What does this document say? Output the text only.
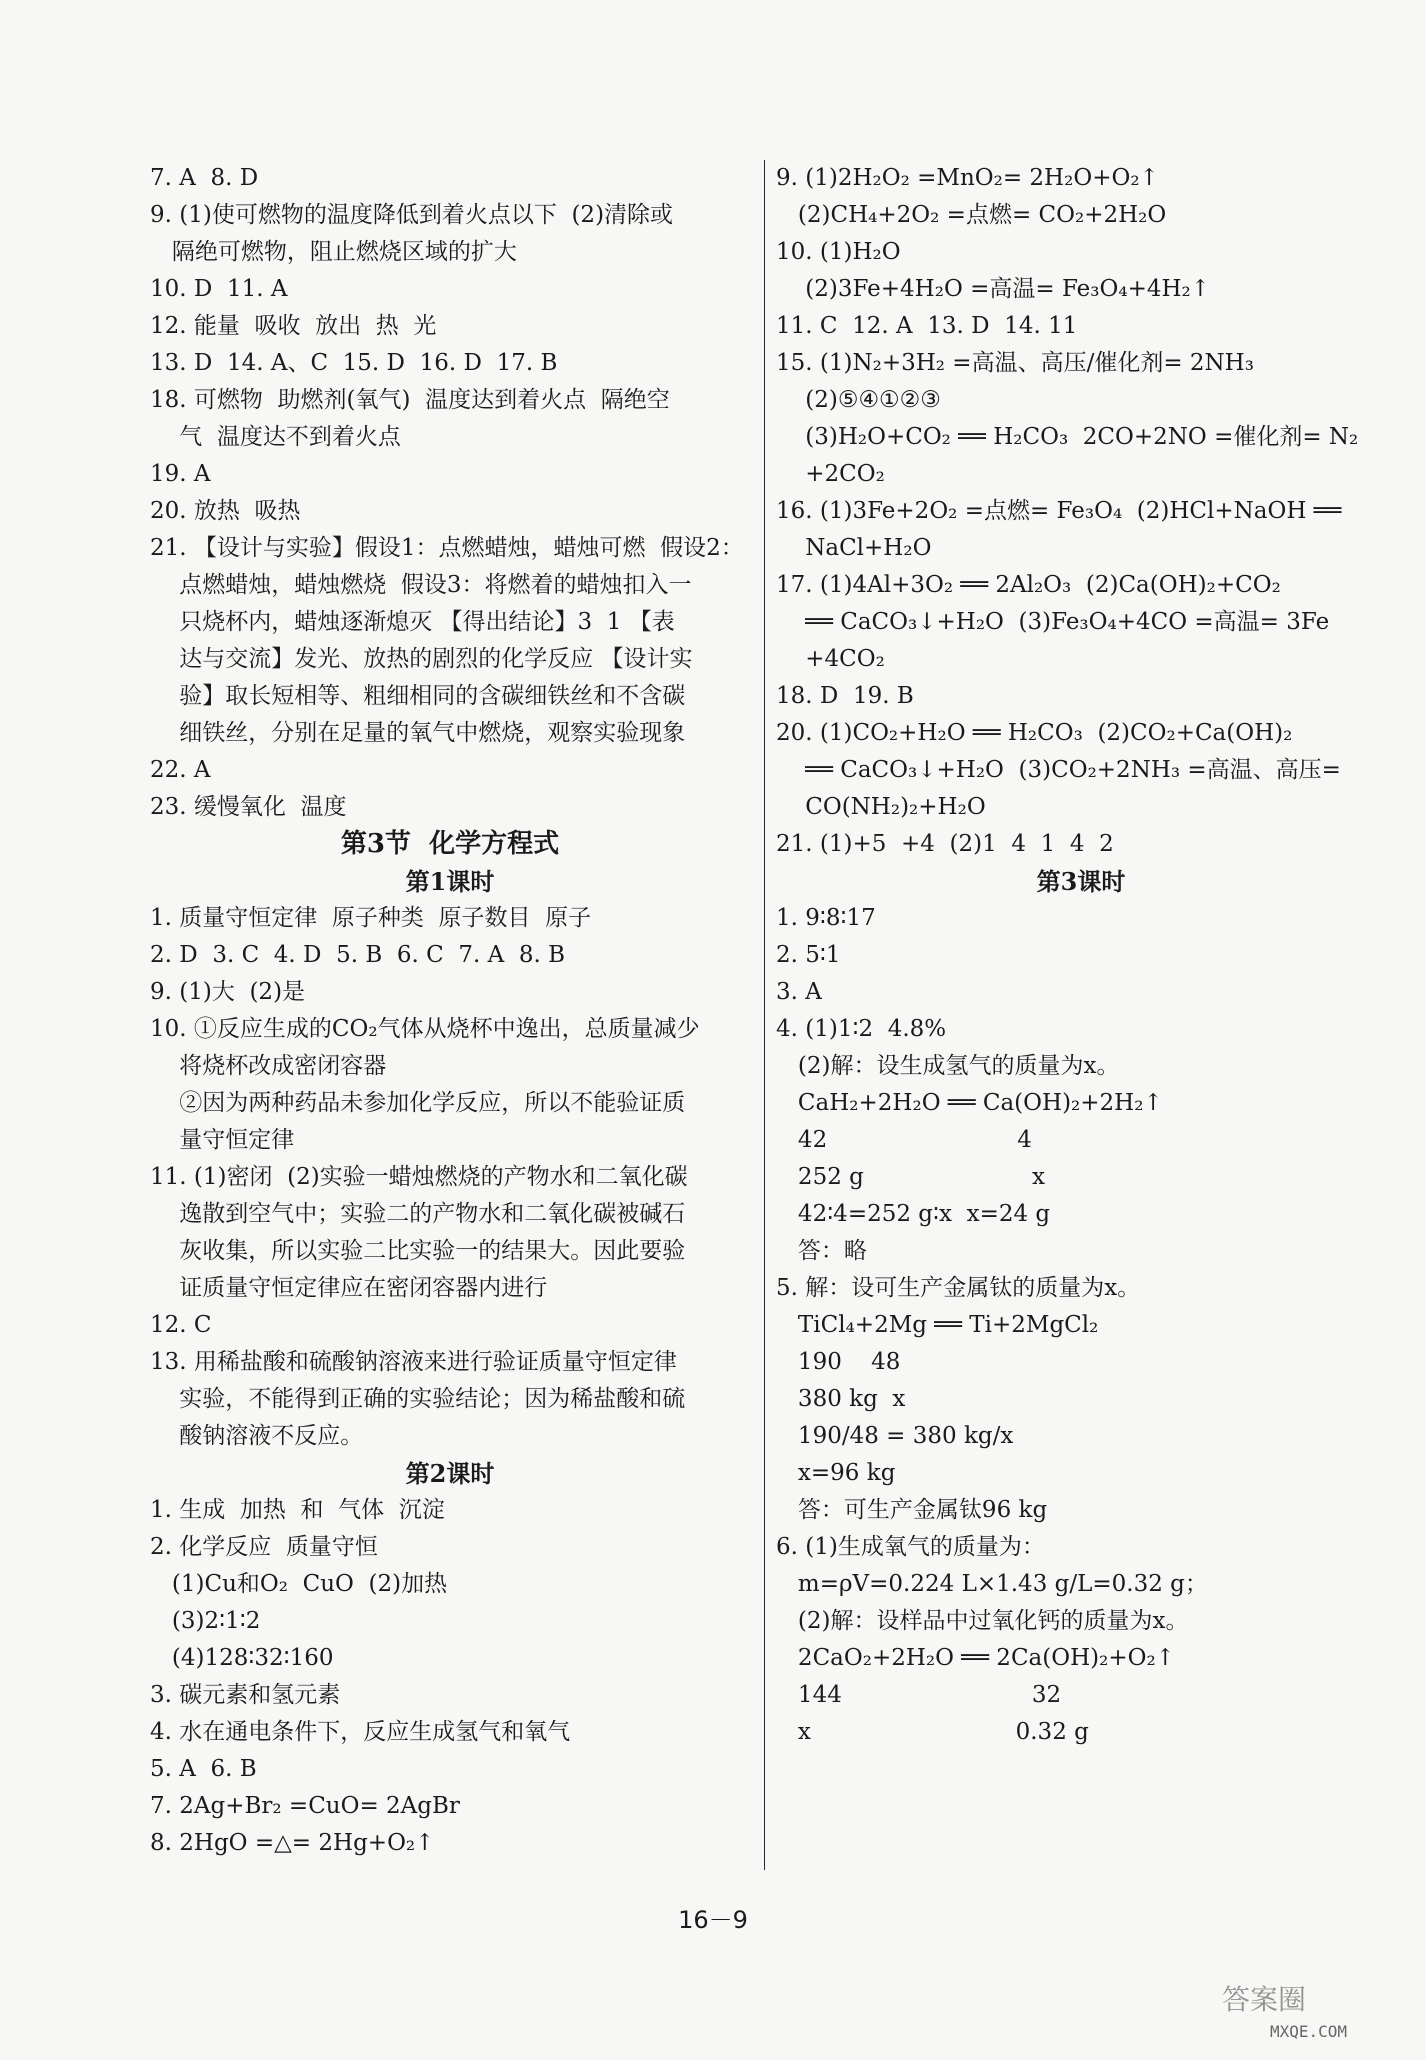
7. A  8. D
9. (1)使可燃物的温度降低到着火点以下  (2)清除或
隔绝可燃物，阻止燃烧区域的扩大
10. D  11. A
12. 能量  吸收  放出  热  光
13. D  14. A、C  15. D  16. D  17. B
18. 可燃物  助燃剂(氧气)  温度达到着火点  隔绝空
气  温度达不到着火点
19. A
20. 放热  吸热
21. 【设计与实验】假设1：点燃蜡烛，蜡烛可燃  假设2：
点燃蜡烛，蜡烛燃烧  假设3：将燃着的蜡烛扣入一
只烧杯内，蜡烛逐渐熄灭 【得出结论】3  1 【表
达与交流】发光、放热的剧烈的化学反应 【设计实
验】取长短相等、粗细相同的含碳细铁丝和不含碳
细铁丝，分别在足量的氧气中燃烧，观察实验现象
22. A
23. 缓慢氧化  温度
第3节  化学方程式
第1课时
1. 质量守恒定律  原子种类  原子数目  原子
2. D  3. C  4. D  5. B  6. C  7. A  8. B
9. (1)大  (2)是
10. ①反应生成的CO₂气体从烧杯中逸出，总质量减少
将烧杯改成密闭容器
②因为两种药品未参加化学反应，所以不能验证质
量守恒定律
11. (1)密闭  (2)实验一蜡烛燃烧的产物水和二氧化碳
逸散到空气中；实验二的产物水和二氧化碳被碱石
灰收集，所以实验二比实验一的结果大。因此要验
证质量守恒定律应在密闭容器内进行
12. C
13. 用稀盐酸和硫酸钠溶液来进行验证质量守恒定律
实验，不能得到正确的实验结论；因为稀盐酸和硫
酸钠溶液不反应。
第2课时
1. 生成  加热  和  气体  沉淀
2. 化学反应  质量守恒
(1)Cu和O₂  CuO  (2)加热
(3)2∶1∶2
(4)128∶32∶160
3. 碳元素和氢元素
4. 水在通电条件下，反应生成氢气和氧气
5. A  6. B
7. 2Ag+Br₂ =CuO= 2AgBr
8. 2HgO =△= 2Hg+O₂↑
9. (1)2H₂O₂ =MnO₂= 2H₂O+O₂↑
(2)CH₄+2O₂ =点燃= CO₂+2H₂O
10. (1)H₂O
(2)3Fe+4H₂O =高温= Fe₃O₄+4H₂↑
11. C  12. A  13. D  14. 11
15. (1)N₂+3H₂ =高温、高压/催化剂= 2NH₃
(2)⑤④①②③
(3)H₂O+CO₂ ══ H₂CO₃  2CO+2NO =催化剂= N₂
+2CO₂
16. (1)3Fe+2O₂ =点燃= Fe₃O₄  (2)HCl+NaOH ══
NaCl+H₂O
17. (1)4Al+3O₂ ══ 2Al₂O₃  (2)Ca(OH)₂+CO₂
══ CaCO₃↓+H₂O  (3)Fe₃O₄+4CO =高温= 3Fe
+4CO₂
18. D  19. B
20. (1)CO₂+H₂O ══ H₂CO₃  (2)CO₂+Ca(OH)₂
══ CaCO₃↓+H₂O  (3)CO₂+2NH₃ =高温、高压=
CO(NH₂)₂+H₂O
21. (1)+5  +4  (2)1  4  1  4  2
第3课时
1. 9∶8∶17
2. 5∶1
3. A
4. (1)1∶2  4.8%
(2)解：设生成氢气的质量为x。
CaH₂+2H₂O ══ Ca(OH)₂+2H₂↑
42                          4
252 g                       x
42∶4=252 g∶x  x=24 g
答：略
5. 解：设可生产金属钛的质量为x。
TiCl₄+2Mg ══ Ti+2MgCl₂
190    48
380 kg  x
190/48 = 380 kg/x
x=96 kg
答：可生产金属钛96 kg
6. (1)生成氧气的质量为：
m=ρV=0.224 L×1.43 g/L=0.32 g；
(2)解：设样品中过氧化钙的质量为x。
2CaO₂+2H₂O ══ 2Ca(OH)₂+O₂↑
144                          32
x                            0.32 g
16－9
答案圈
MXQE.COM
